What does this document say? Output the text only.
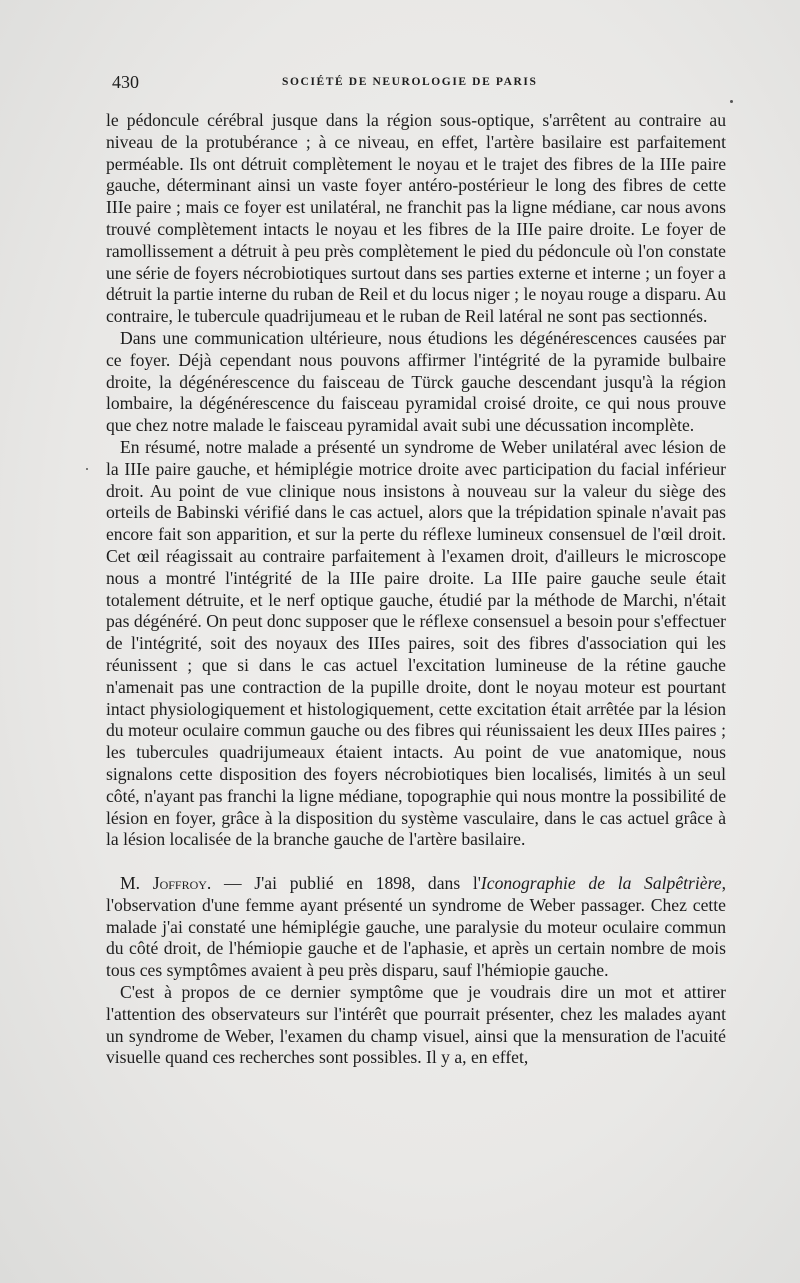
430	SOCIÉTÉ DE NEUROLOGIE DE PARIS

le pédoncule cérébral jusque dans la région sous-optique, s'arrêtent au contraire au niveau de la protubérance ; à ce niveau, en effet, l'artère basilaire est parfaitement perméable. Ils ont détruit complètement le noyau et le trajet des fibres de la IIIe paire gauche, déterminant ainsi un vaste foyer antéro-postérieur le long des fibres de cette IIIe paire ; mais ce foyer est unilatéral, ne franchit pas la ligne médiane, car nous avons trouvé complètement intacts le noyau et les fibres de la IIIe paire droite. Le foyer de ramollissement a détruit à peu près complètement le pied du pédoncule où l'on constate une série de foyers nécrobiotiques surtout dans ses parties externe et interne ; un foyer a détruit la partie interne du ruban de Reil et du locus niger ; le noyau rouge a disparu. Au contraire, le tubercule quadrijumeau et le ruban de Reil latéral ne sont pas sectionnés.

Dans une communication ultérieure, nous étudions les dégénérescences causées par ce foyer. Déjà cependant nous pouvons affirmer l'intégrité de la pyramide bulbaire droite, la dégénérescence du faisceau de Türck gauche descendant jusqu'à la région lombaire, la dégénérescence du faisceau pyramidal croisé droite, ce qui nous prouve que chez notre malade le faisceau pyramidal avait subi une décussation incomplète.

En résumé, notre malade a présenté un syndrome de Weber unilatéral avec lésion de la IIIe paire gauche, et hémiplégie motrice droite avec participation du facial inférieur droit. Au point de vue clinique nous insistons à nouveau sur la valeur du siège des orteils de Babinski vérifié dans le cas actuel, alors que la trépidation spinale n'avait pas encore fait son apparition, et sur la perte du réflexe lumineux consensuel de l'œil droit. Cet œil réagissait au contraire parfaitement à l'examen droit, d'ailleurs le microscope nous a montré l'intégrité de la IIIe paire droite. La IIIe paire gauche seule était totalement détruite, et le nerf optique gauche, étudié par la méthode de Marchi, n'était pas dégénéré. On peut donc supposer que le réflexe consensuel a besoin pour s'effectuer de l'intégrité, soit des noyaux des IIIes paires, soit des fibres d'association qui les réunissent ; que si dans le cas actuel l'excitation lumineuse de la rétine gauche n'amenait pas une contraction de la pupille droite, dont le noyau moteur est pourtant intact physiologiquement et histologiquement, cette excitation était arrêtée par la lésion du moteur oculaire commun gauche ou des fibres qui réunissaient les deux IIIes paires ; les tubercules quadrijumeaux étaient intacts. Au point de vue anatomique, nous signalons cette disposition des foyers nécrobiotiques bien localisés, limités à un seul côté, n'ayant pas franchi la ligne médiane, topographie qui nous montre la possibilité de lésion en foyer, grâce à la disposition du système vasculaire, dans le cas actuel grâce à la lésion localisée de la branche gauche de l'artère basilaire.

M. Joffroy. — J'ai publié en 1898, dans l'Iconographie de la Salpêtrière, l'observation d'une femme ayant présenté un syndrome de Weber passager. Chez cette malade j'ai constaté une hémiplégie gauche, une paralysie du moteur oculaire commun du côté droit, de l'hémiopie gauche et de l'aphasie, et après un certain nombre de mois tous ces symptômes avaient à peu près disparu, sauf l'hémiopie gauche.

C'est à propos de ce dernier symptôme que je voudrais dire un mot et attirer l'attention des observateurs sur l'intérêt que pourrait présenter, chez les malades ayant un syndrome de Weber, l'examen du champ visuel, ainsi que la mensuration de l'acuité visuelle quand ces recherches sont possibles. Il y a, en effet,
